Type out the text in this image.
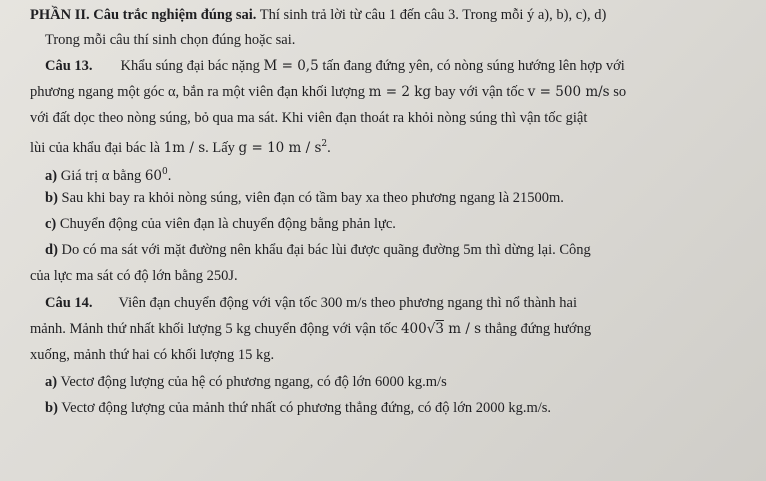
PHẦN II. Câu trắc nghiệm đúng sai. Thí sinh trả lời từ câu 1 đến câu 3. Trong mỗi ý a), b), c), d)
Trong mỗi câu thí sinh chọn đúng hoặc sai.
Câu 13. Khẩu súng đại bác nặng M = 0,5 tấn đang đứng yên, có nòng súng hướng lên hợp với
phương ngang một góc α, bắn ra một viên đạn khối lượng m = 2 kg bay với vận tốc v = 500 m/s so
với đất dọc theo nòng súng, bỏ qua ma sát. Khi viên đạn thoát ra khỏi nòng súng thì vận tốc giật
lùi của khẩu đại bác là 1m / s. Lấy g = 10 m / $s^2$.
a) Giá trị α bằng $60^0$.
b) Sau khi bay ra khỏi nòng súng, viên đạn có tầm bay xa theo phương ngang là 21500m.
c) Chuyển động của viên đạn là chuyển động bằng phản lực.
d) Do có ma sát với mặt đường nên khẩu đại bác lùi được quãng đường 5m thì dừng lại. Công
của lực ma sát có độ lớn bằng 250J.
Câu 14. Viên đạn chuyển động với vận tốc 300 m/s theo phương ngang thì nổ thành hai
mảnh. Mảnh thứ nhất khối lượng 5 kg chuyển động với vận tốc 400√3 m / s thẳng đứng hướng
xuống, mảnh thứ hai có khối lượng 15 kg.
a) Vectơ động lượng của hệ có phương ngang, có độ lớn 6000 kg.m/s
b) Vectơ động lượng của mảnh thứ nhất có phương thẳng đứng, có độ lớn 2000 kg.m/s.
